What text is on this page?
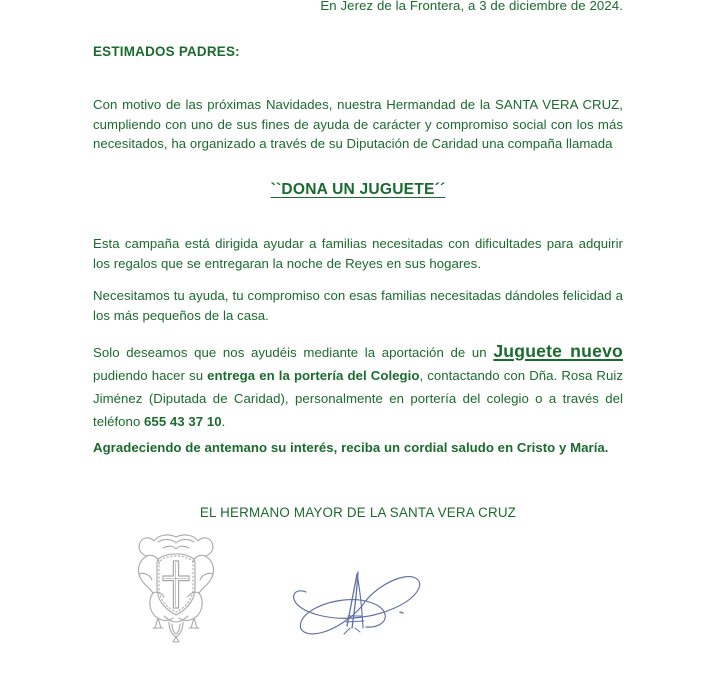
En Jerez de la Frontera, a 3 de diciembre de 2024.
ESTIMADOS PADRES:
Con motivo de las próximas Navidades, nuestra Hermandad de la SANTA VERA CRUZ, cumpliendo con uno de sus fines de ayuda de carácter y compromiso social con los más necesitados, ha organizado a través de su Diputación de Caridad una compaña llamada
``DONA UN JUGUETE´´
Esta campaña está dirigida ayudar a familias necesitadas con dificultades para adquirir los regalos que se entregaran la noche de Reyes en sus hogares.
Necesitamos tu ayuda, tu compromiso con esas familias necesitadas dándoles felicidad a los más pequeños de la casa.
Solo deseamos que nos ayudéis mediante la aportación de un Juguete nuevo pudiendo hacer su entrega en la portería del Colegio, contactando con Dña. Rosa Ruiz Jiménez (Diputada de Caridad), personalmente en portería del colegio o a través del teléfono 655 43 37 10.
Agradeciendo de antemano su interés, reciba un cordial saludo en Cristo y María.
EL HERMANO MAYOR DE LA SANTA VERA CRUZ
